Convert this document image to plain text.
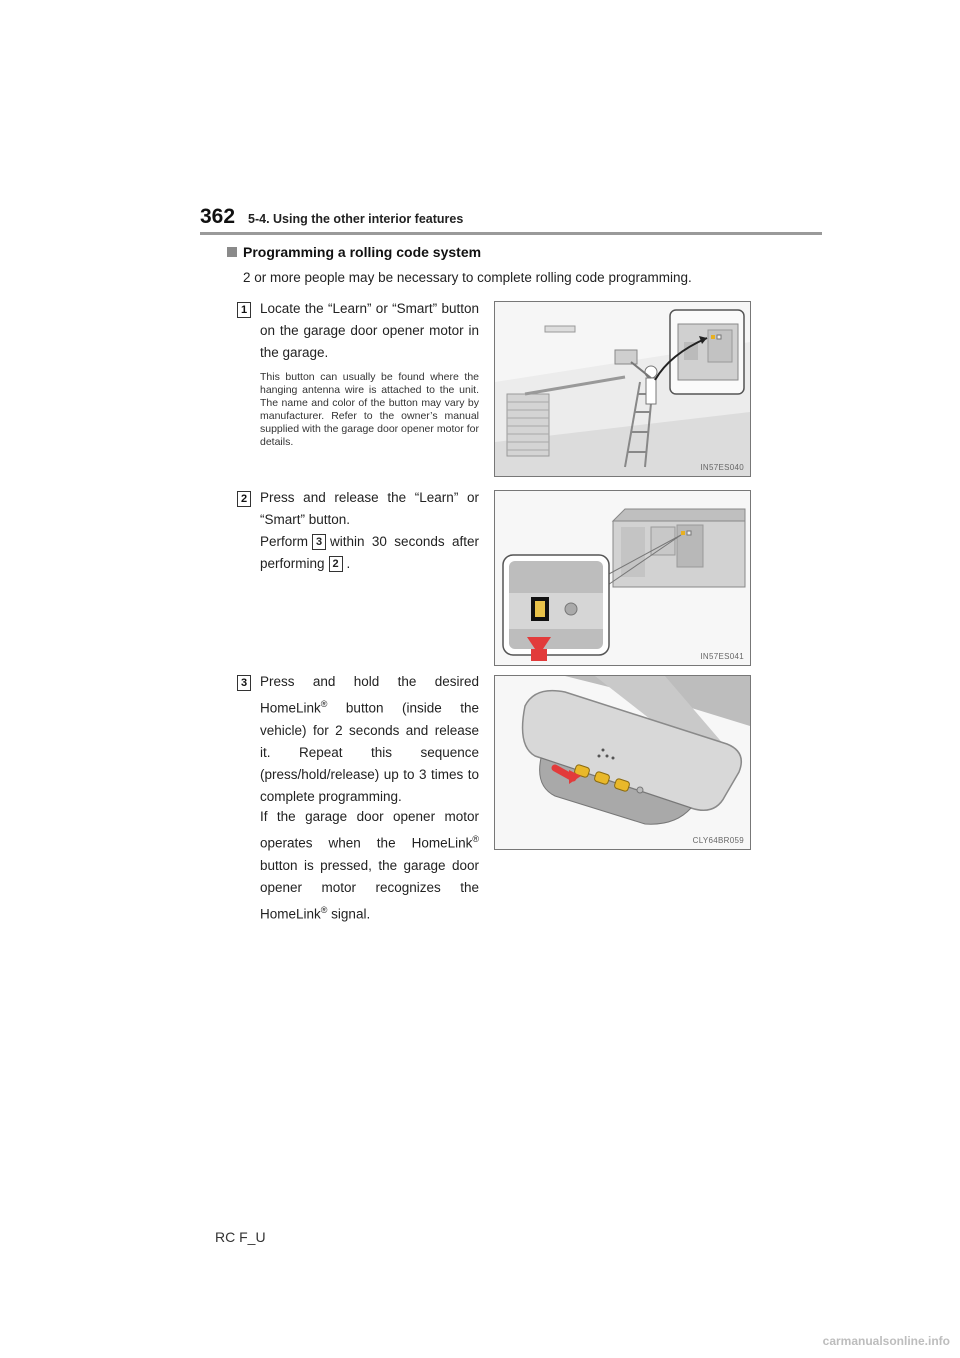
362 5-4. Using the other interior features
Programming a rolling code system
2 or more people may be necessary to complete rolling code programming.
1 Locate the “Learn” or “Smart” button on the garage door opener motor in the garage.
This button can usually be found where the hanging antenna wire is attached to the unit. The name and color of the button may vary by manufacturer. Refer to the owner’s manual supplied with the garage door opener motor for details.
IN57ES040
2 Press and release the “Learn” or “Smart” button.
Perform 3 within 30 seconds after performing 2 .
IN57ES041
3 Press and hold the desired HomeLink® button (inside the vehicle) for 2 seconds and release it. Repeat this sequence (press/hold/release) up to 3 times to complete programming.
If the garage door opener motor operates when the HomeLink® button is pressed, the garage door opener motor recognizes the HomeLink® signal.
CLY64BR059
RC F_U
carmanualsonline.info
